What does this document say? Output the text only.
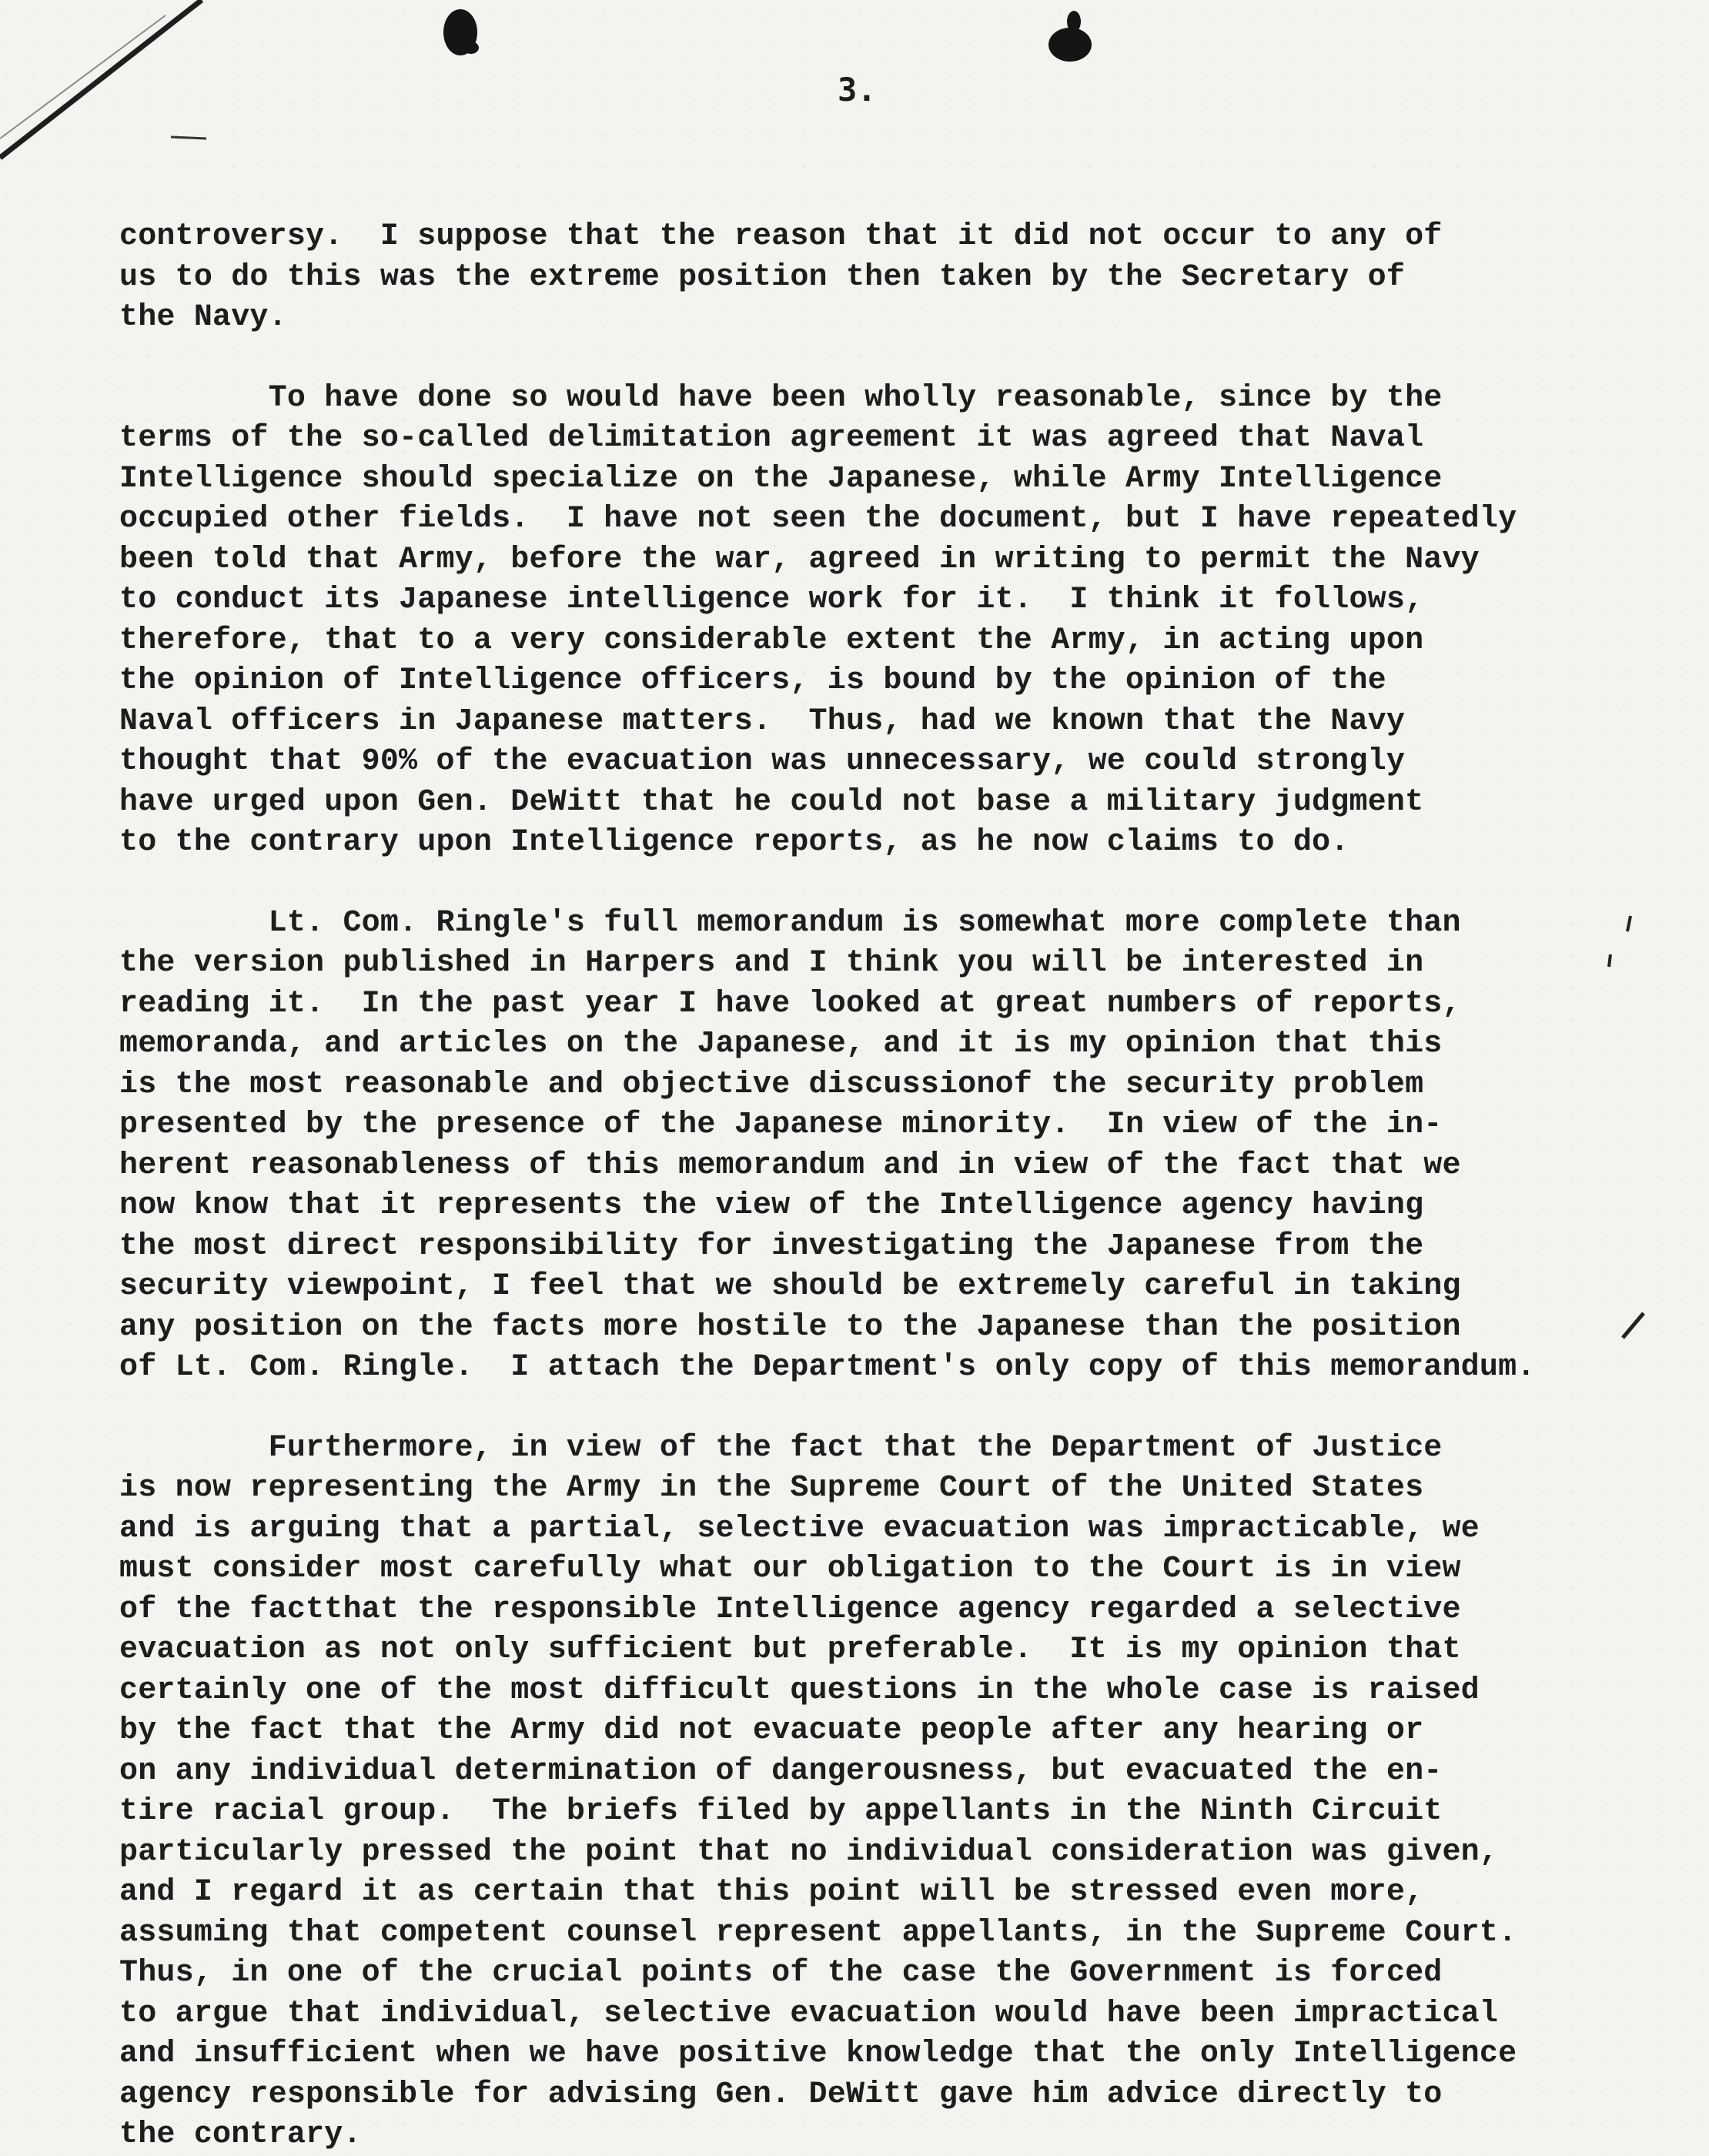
3.
controversy.  I suppose that the reason that it did not occur to any of
us to do this was the extreme position then taken by the Secretary of
the Navy.
To have done so would have been wholly reasonable, since by the
terms of the so-called delimitation agreement it was agreed that Naval
Intelligence should specialize on the Japanese, while Army Intelligence
occupied other fields.  I have not seen the document, but I have repeatedly
been told that Army, before the war, agreed in writing to permit the Navy
to conduct its Japanese intelligence work for it.  I think it follows,
therefore, that to a very considerable extent the Army, in acting upon
the opinion of Intelligence officers, is bound by the opinion of the
Naval officers in Japanese matters.  Thus, had we known that the Navy
thought that 90% of the evacuation was unnecessary, we could strongly
have urged upon Gen. DeWitt that he could not base a military judgment
to the contrary upon Intelligence reports, as he now claims to do.
Lt. Com. Ringle's full memorandum is somewhat more complete than
the version published in Harpers and I think you will be interested in
reading it.  In the past year I have looked at great numbers of reports,
memoranda, and articles on the Japanese, and it is my opinion that this
is the most reasonable and objective discussionof the security problem
presented by the presence of the Japanese minority.  In view of the in-
herent reasonableness of this memorandum and in view of the fact that we
now know that it represents the view of the Intelligence agency having
the most direct responsibility for investigating the Japanese from the
security viewpoint, I feel that we should be extremely careful in taking
any position on the facts more hostile to the Japanese than the position
of Lt. Com. Ringle.  I attach the Department's only copy of this memorandum.
Furthermore, in view of the fact that the Department of Justice
is now representing the Army in the Supreme Court of the United States
and is arguing that a partial, selective evacuation was impracticable, we
must consider most carefully what our obligation to the Court is in view
of the factthat the responsible Intelligence agency regarded a selective
evacuation as not only sufficient but preferable.  It is my opinion that
certainly one of the most difficult questions in the whole case is raised
by the fact that the Army did not evacuate people after any hearing or
on any individual determination of dangerousness, but evacuated the en-
tire racial group.  The briefs filed by appellants in the Ninth Circuit
particularly pressed the point that no individual consideration was given,
and I regard it as certain that this point will be stressed even more,
assuming that competent counsel represent appellants, in the Supreme Court.
Thus, in one of the crucial points of the case the Government is forced
to argue that individual, selective evacuation would have been impractical
and insufficient when we have positive knowledge that the only Intelligence
agency responsible for advising Gen. DeWitt gave him advice directly to
the contrary.
